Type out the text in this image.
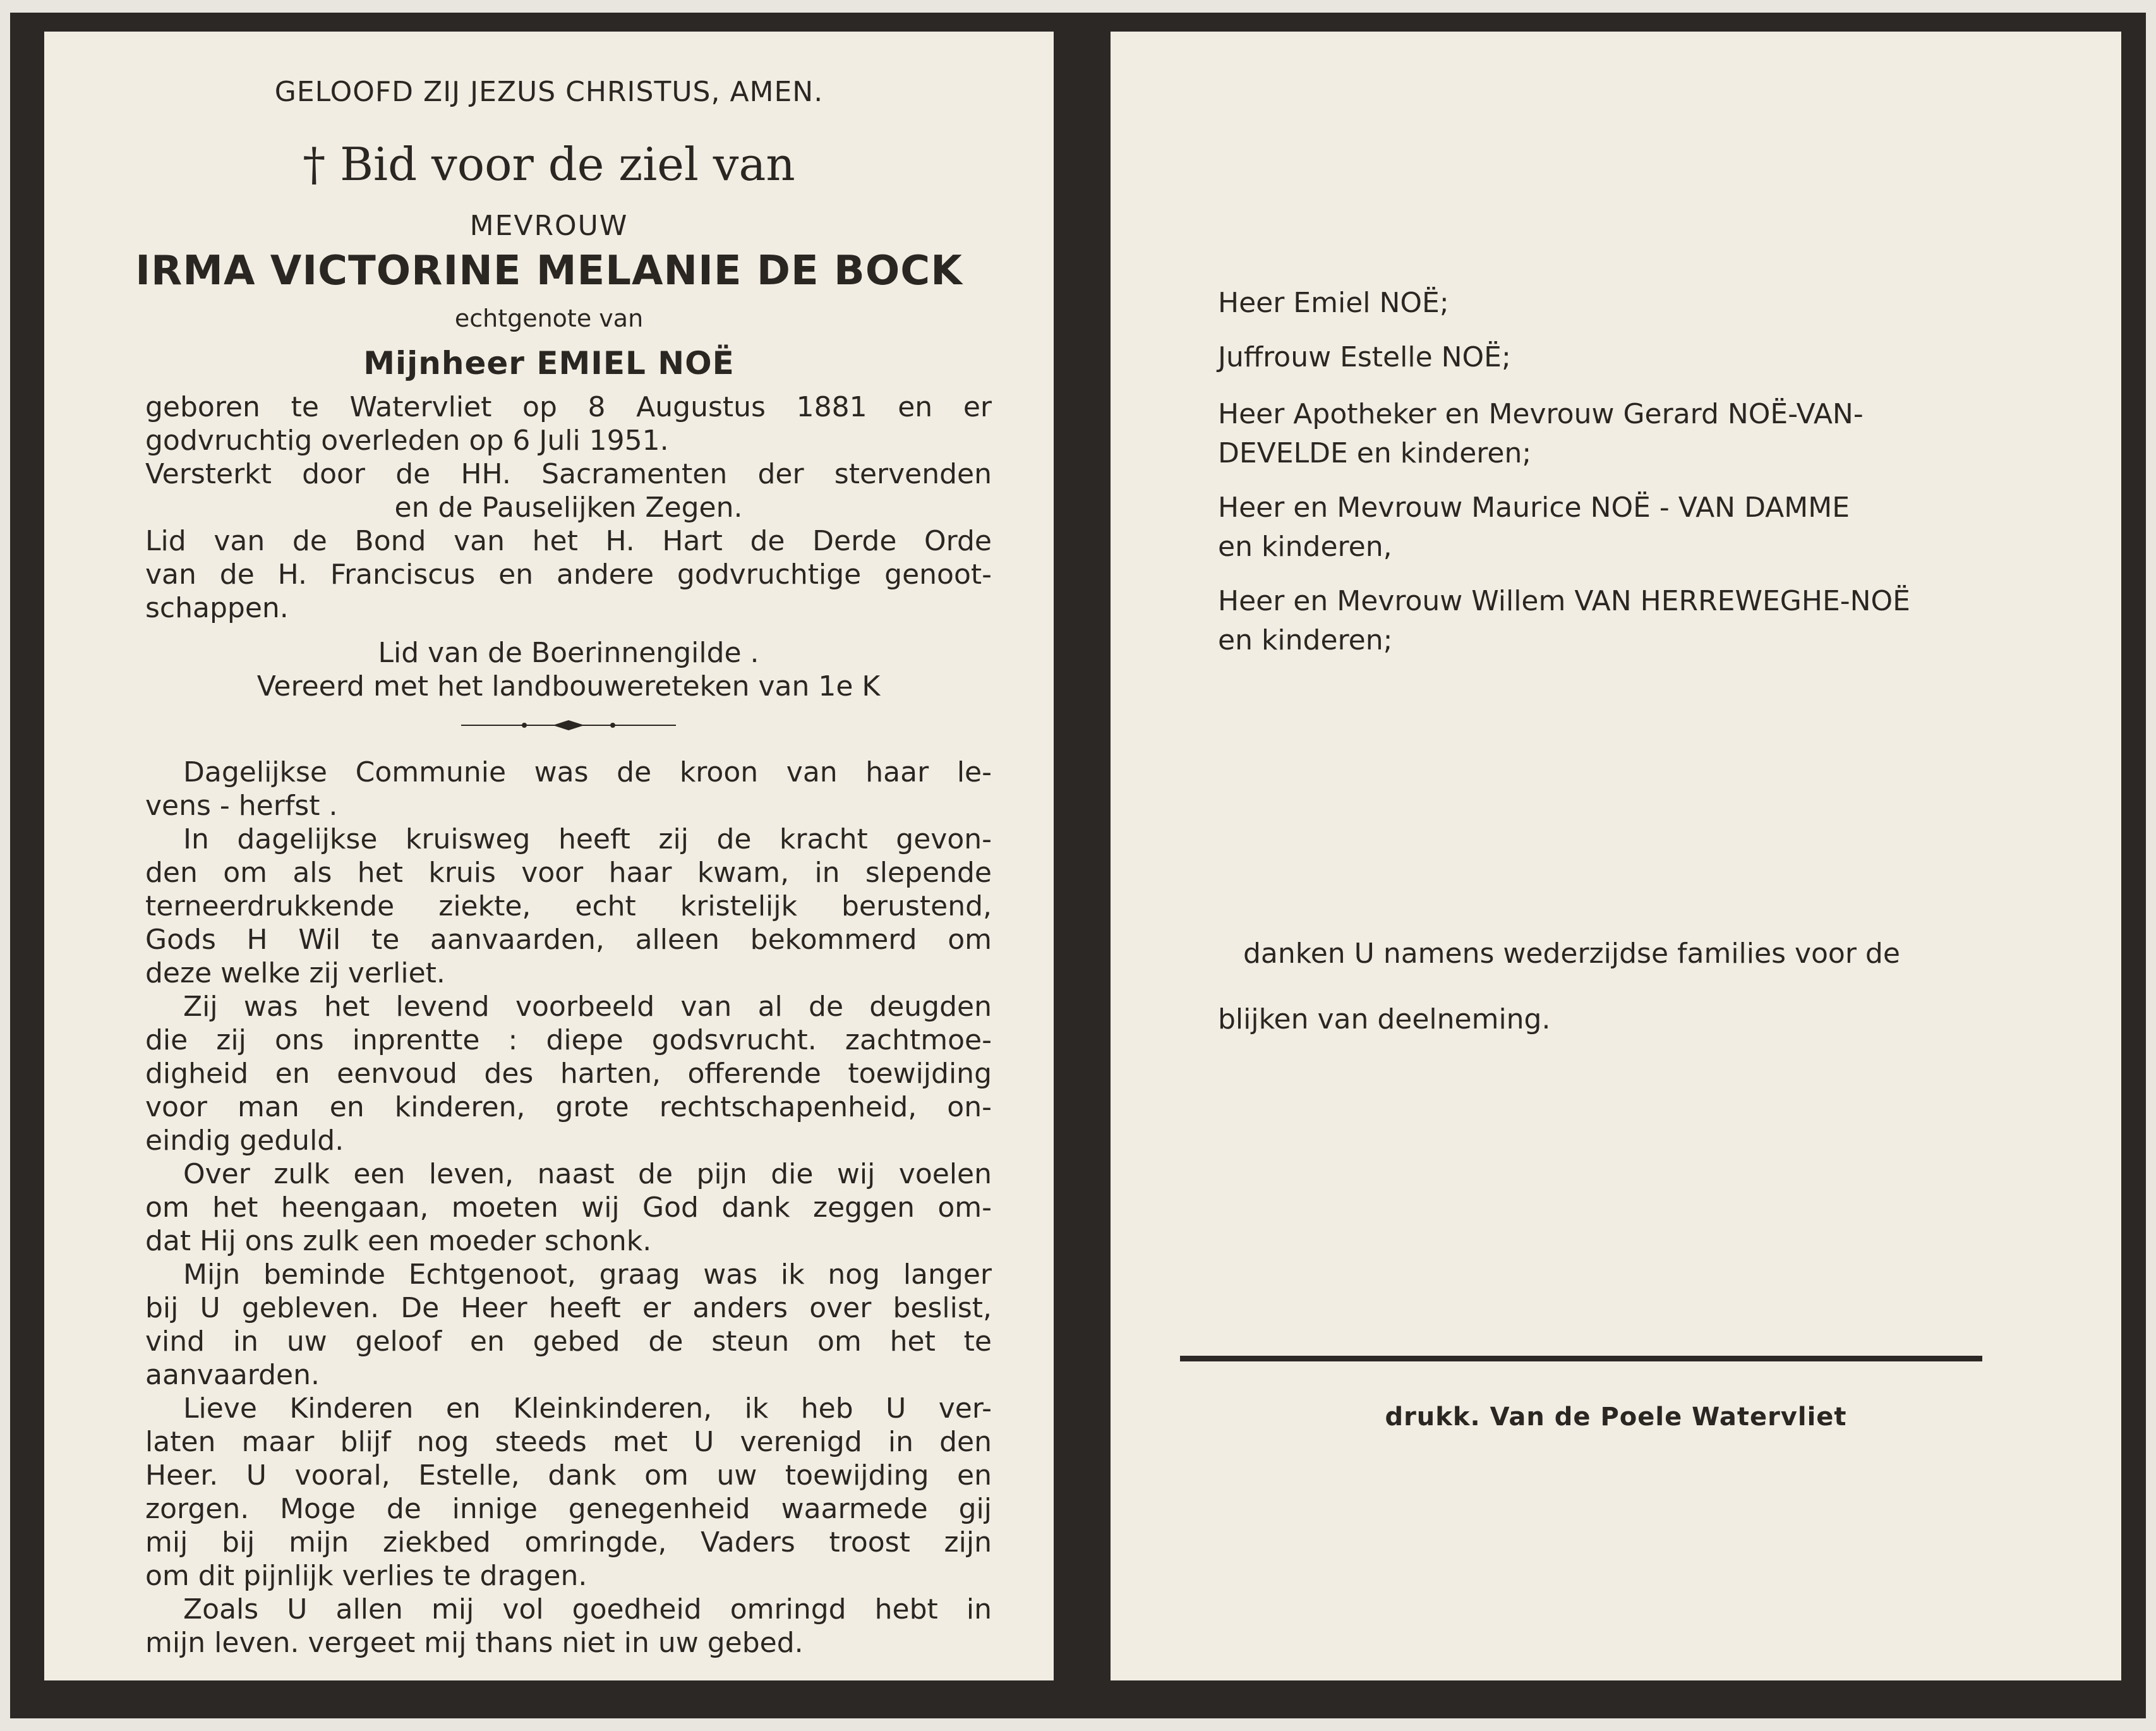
GELOOFD ZIJ JEZUS CHRISTUS, AMEN.
† Bid voor de ziel van
MEVROUW
IRMA VICTORINE MELANIE DE BOCK
echtgenote van
Mijnheer EMIEL NOË
geboren te Watervliet op 8 Augustus 1881 en er
godvruchtig overleden op 6 Juli 1951.
Versterkt door de HH. Sacramenten der stervenden
en de Pauselijken Zegen.
Lid van de Bond van het H. Hart de Derde Orde
van de H. Franciscus en andere godvruchtige genoot-
schappen.
Lid van de Boerinnengilde .
Vereerd met het landbouwereteken van 1e K
Dagelijkse Communie was de kroon van haar le-
vens - herfst .
In dagelijkse kruisweg heeft zij de kracht gevon-
den om als het kruis voor haar kwam, in slepende
terneerdrukkende ziekte, echt kristelijk berustend,
Gods H Wil te aanvaarden, alleen bekommerd om
deze welke zij verliet.
Zij was het levend voorbeeld van al de deugden
die zij ons inprentte : diepe godsvrucht. zachtmoe-
digheid en eenvoud des harten, offerende toewijding
voor man en kinderen, grote rechtschapenheid, on-
eindig geduld.
Over zulk een leven, naast de pijn die wij voelen
om het heengaan, moeten wij God dank zeggen om-
dat Hij ons zulk een moeder schonk.
Mijn beminde Echtgenoot, graag was ik nog langer
bij U gebleven. De Heer heeft er anders over beslist,
vind in uw geloof en gebed de steun om het te
aanvaarden.
Lieve Kinderen en Kleinkinderen, ik heb U ver-
laten maar blijf nog steeds met U verenigd in den
Heer. U vooral, Estelle, dank om uw toewijding en
zorgen. Moge de innige genegenheid waarmede gij
mij bij mijn ziekbed omringde, Vaders troost zijn
om dit pijnlijk verlies te dragen.
Zoals U allen mij vol goedheid omringd hebt in
mijn leven. vergeet mij thans niet in uw gebed.
Heer Emiel NOË;
Juffrouw Estelle NOË;
Heer Apotheker en Mevrouw Gerard NOË-VAN-
DEVELDE en kinderen;
Heer en Mevrouw Maurice NOË - VAN DAMME
en kinderen,
Heer en Mevrouw Willem VAN HERREWEGHE-NOË
en kinderen;
danken U namens wederzijdse families voor de
blijken van deelneming.
drukk. Van de Poele Watervliet
